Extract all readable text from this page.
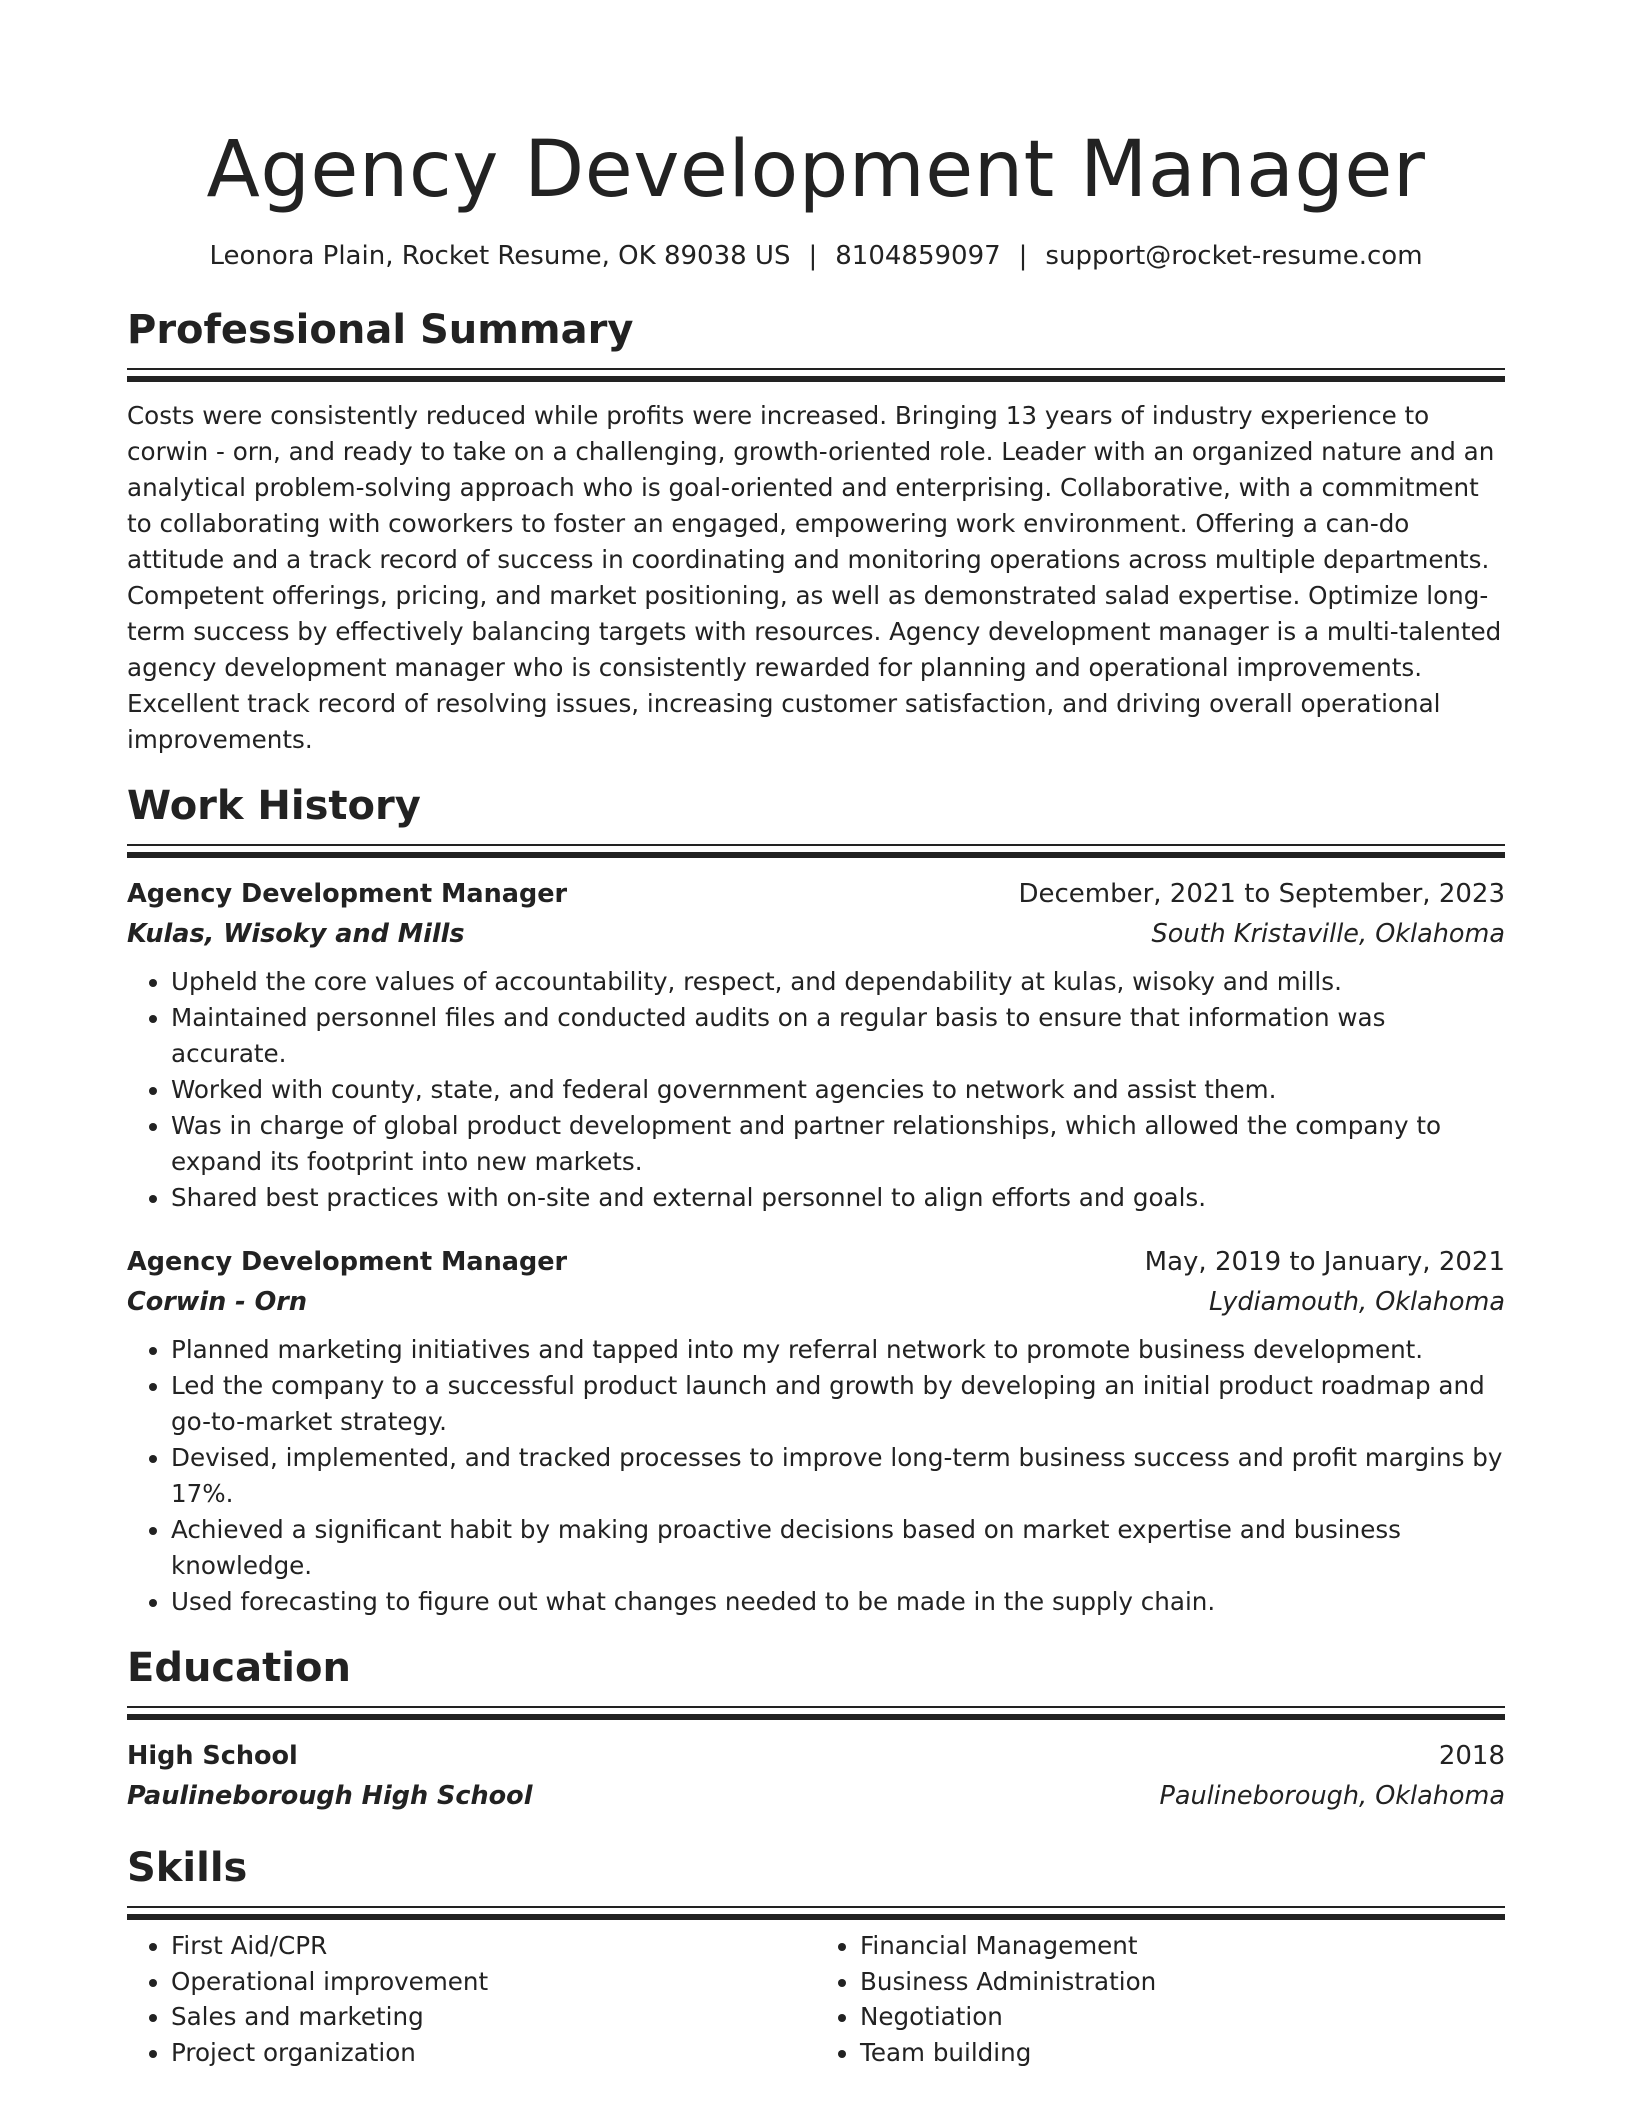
Agency Development Manager
Leonora Plain, Rocket Resume, OK 89038 US | 8104859097 | support@rocket-resume.com
Professional Summary
Costs were consistently reduced while profits were increased. Bringing 13 years of industry experience to corwin - orn, and ready to take on a challenging, growth-oriented role. Leader with an organized nature and an analytical problem-solving approach who is goal-oriented and enterprising. Collaborative, with a commitment to collaborating with coworkers to foster an engaged, empowering work environment. Offering a can-do attitude and a track record of success in coordinating and monitoring operations across multiple departments. Competent offerings, pricing, and market positioning, as well as demonstrated salad expertise. Optimize long-term success by effectively balancing targets with resources. Agency development manager is a multi-talented agency development manager who is consistently rewarded for planning and operational improvements. Excellent track record of resolving issues, increasing customer satisfaction, and driving overall operational improvements.
Work History
Agency Development Manager	December, 2021 to September, 2023
Kulas, Wisoky and Mills	South Kristaville, Oklahoma
• Upheld the core values of accountability, respect, and dependability at kulas, wisoky and mills.
• Maintained personnel files and conducted audits on a regular basis to ensure that information was accurate.
• Worked with county, state, and federal government agencies to network and assist them.
• Was in charge of global product development and partner relationships, which allowed the company to expand its footprint into new markets.
• Shared best practices with on-site and external personnel to align efforts and goals.
Agency Development Manager	May, 2019 to January, 2021
Corwin - Orn	Lydiamouth, Oklahoma
• Planned marketing initiatives and tapped into my referral network to promote business development.
• Led the company to a successful product launch and growth by developing an initial product roadmap and go-to-market strategy.
• Devised, implemented, and tracked processes to improve long-term business success and profit margins by 17%.
• Achieved a significant habit by making proactive decisions based on market expertise and business knowledge.
• Used forecasting to figure out what changes needed to be made in the supply chain.
Education
High School	2018
Paulineborough High School	Paulineborough, Oklahoma
Skills
• First Aid/CPR
• Operational improvement
• Sales and marketing
• Project organization
• Financial Management
• Business Administration
• Negotiation
• Team building
